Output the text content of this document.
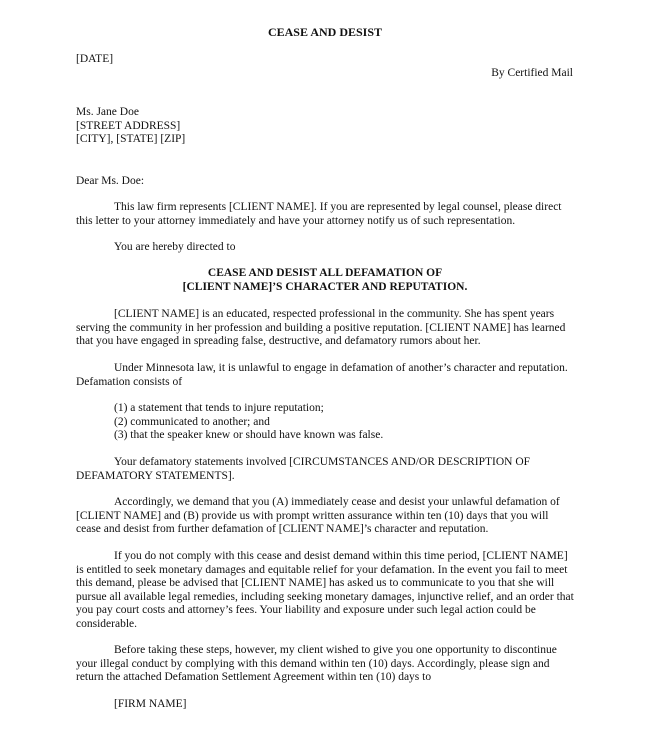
CEASE AND DESIST
[DATE]
By Certified Mail
Ms. Jane Doe
[STREET ADDRESS]
[CITY], [STATE] [ZIP]
Dear Ms. Doe:

This law firm represents [CLIENT NAME]. If you are represented by legal counsel, please direct this letter to your attorney immediately and have your attorney notify us of such representation.

You are hereby directed to

CEASE AND DESIST ALL DEFAMATION OF
[CLIENT NAME]’S CHARACTER AND REPUTATION.

[CLIENT NAME] is an educated, respected professional in the community. She has spent years serving the community in her profession and building a positive reputation. [CLIENT NAME] has learned that you have engaged in spreading false, destructive, and defamatory rumors about her.

Under Minnesota law, it is unlawful to engage in defamation of another’s character and reputation. Defamation consists of

(1) a statement that tends to injure reputation;
(2) communicated to another; and
(3) that the speaker knew or should have known was false.

Your defamatory statements involved [CIRCUMSTANCES AND/OR DESCRIPTION OF DEFAMATORY STATEMENTS].

Accordingly, we demand that you (A) immediately cease and desist your unlawful defamation of [CLIENT NAME] and (B) provide us with prompt written assurance within ten (10) days that you will cease and desist from further defamation of [CLIENT NAME]’s character and reputation.

If you do not comply with this cease and desist demand within this time period, [CLIENT NAME] is entitled to seek monetary damages and equitable relief for your defamation. In the event you fail to meet this demand, please be advised that [CLIENT NAME] has asked us to communicate to you that she will pursue all available legal remedies, including seeking monetary damages, injunctive relief, and an order that you pay court costs and attorney’s fees. Your liability and exposure under such legal action could be considerable.

Before taking these steps, however, my client wished to give you one opportunity to discontinue your illegal conduct by complying with this demand within ten (10) days. Accordingly, please sign and return the attached Defamation Settlement Agreement within ten (10) days to

[FIRM NAME]
